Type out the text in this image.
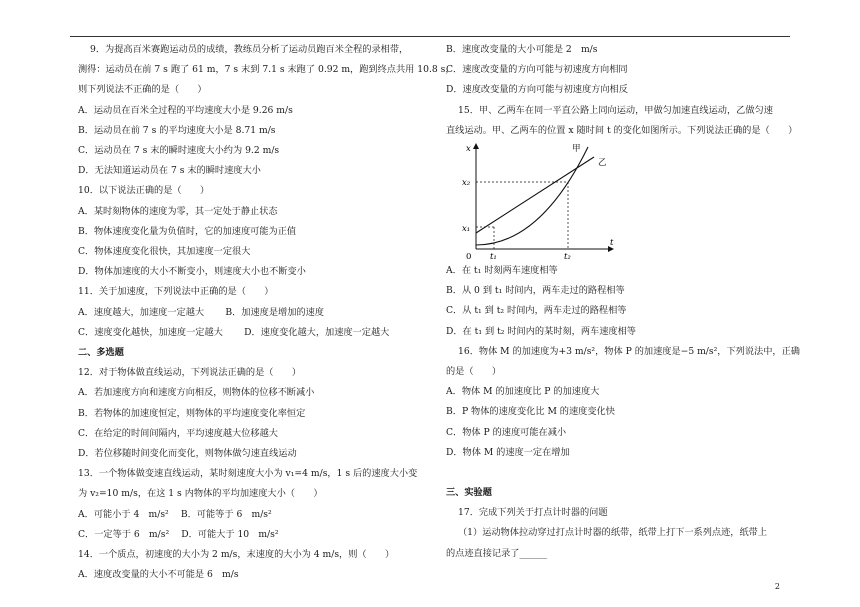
9．为提高百米赛跑运动员的成绩，教练员分析了运动员跑百米全程的录相带，
测得：运动员在前 7 s 跑了 61 m，7 s 末到 7.1 s 末跑了 0.92 m，跑到终点共用 10.8 s，
则下列说法不正确的是（　　）
A．运动员在百米全过程的平均速度大小是 9.26 m/s
B．运动员在前 7 s 的平均速度大小是 8.71 m/s
C．运动员在 7 s 末的瞬时速度大小约为 9.2 m/s
D．无法知道运动员在 7 s 末的瞬时速度大小
10．以下说法正确的是（　　）
A．某时刻物体的速度为零，其一定处于静止状态
B．物体速度变化量为负值时，它的加速度可能为正值
C．物体速度变化很快，其加速度一定很大
D．物体加速度的大小不断变小，则速度大小也不断变小
11．关于加速度，下列说法中正确的是（　　）
A．速度越大，加速度一定越大　　 B．加速度是增加的速度
C．速度变化越快，加速度一定越大　　 D．速度变化越大，加速度一定越大
二、多选题
12．对于物体做直线运动，下列说法正确的是（　　）
A．若加速度方向和速度方向相反，则物体的位移不断减小
B．若物体的加速度恒定，则物体的平均速度变化率恒定
C．在给定的时间间隔内，平均速度越大位移越大
D．若位移随时间变化而变化，则物体做匀速直线运动
13．一个物体做变速直线运动，某时刻速度大小为 v₁=4 m/s，1 s 后的速度大小变
为 v₂=10 m/s，在这 1 s 内物体的平均加速度大小（　　）
A．可能小于 4　m/s²　 B．可能等于 6　m/s²
C．一定等于 6　m/s²　 D．可能大于 10　m/s²
14．一个质点，初速度的大小为 2 m/s，末速度的大小为 4 m/s，则（　　）
A．速度改变量的大小不可能是 6　m/s
B．速度改变量的大小可能是 2　m/s
C．速度改变量的方向可能与初速度方向相同
D．速度改变量的方向可能与初速度方向相反
15．甲、乙两车在同一平直公路上同向运动，甲做匀加速直线运动，乙做匀速
直线运动。甲、乙两车的位置 x 随时间 t 的变化如图所示。下列说法正确的是（　　）
x
t
0
x₂
x₁
t₁	t₂
甲
乙
A．在 t₁ 时刻两车速度相等
B．从 0 到 t₁ 时间内，两车走过的路程相等
C．从 t₁ 到 t₂ 时间内，两车走过的路程相等
D．在 t₁ 到 t₂ 时间内的某时刻，两车速度相等
16．物体 M 的加速度为+3 m/s²，物体 P 的加速度是−5 m/s²，下列说法中，正确
的是（　　）
A．物体 M 的加速度比 P 的加速度大
B．P 物体的速度变化比 M 的速度变化快
C．物体 P 的速度可能在减小
D．物体 M 的速度一定在增加
三、实验题
17．完成下列关于打点计时器的问题
（1）运动物体拉动穿过打点计时器的纸带，纸带上打下一系列点迹，纸带上
的点迹直接记录了______
2
